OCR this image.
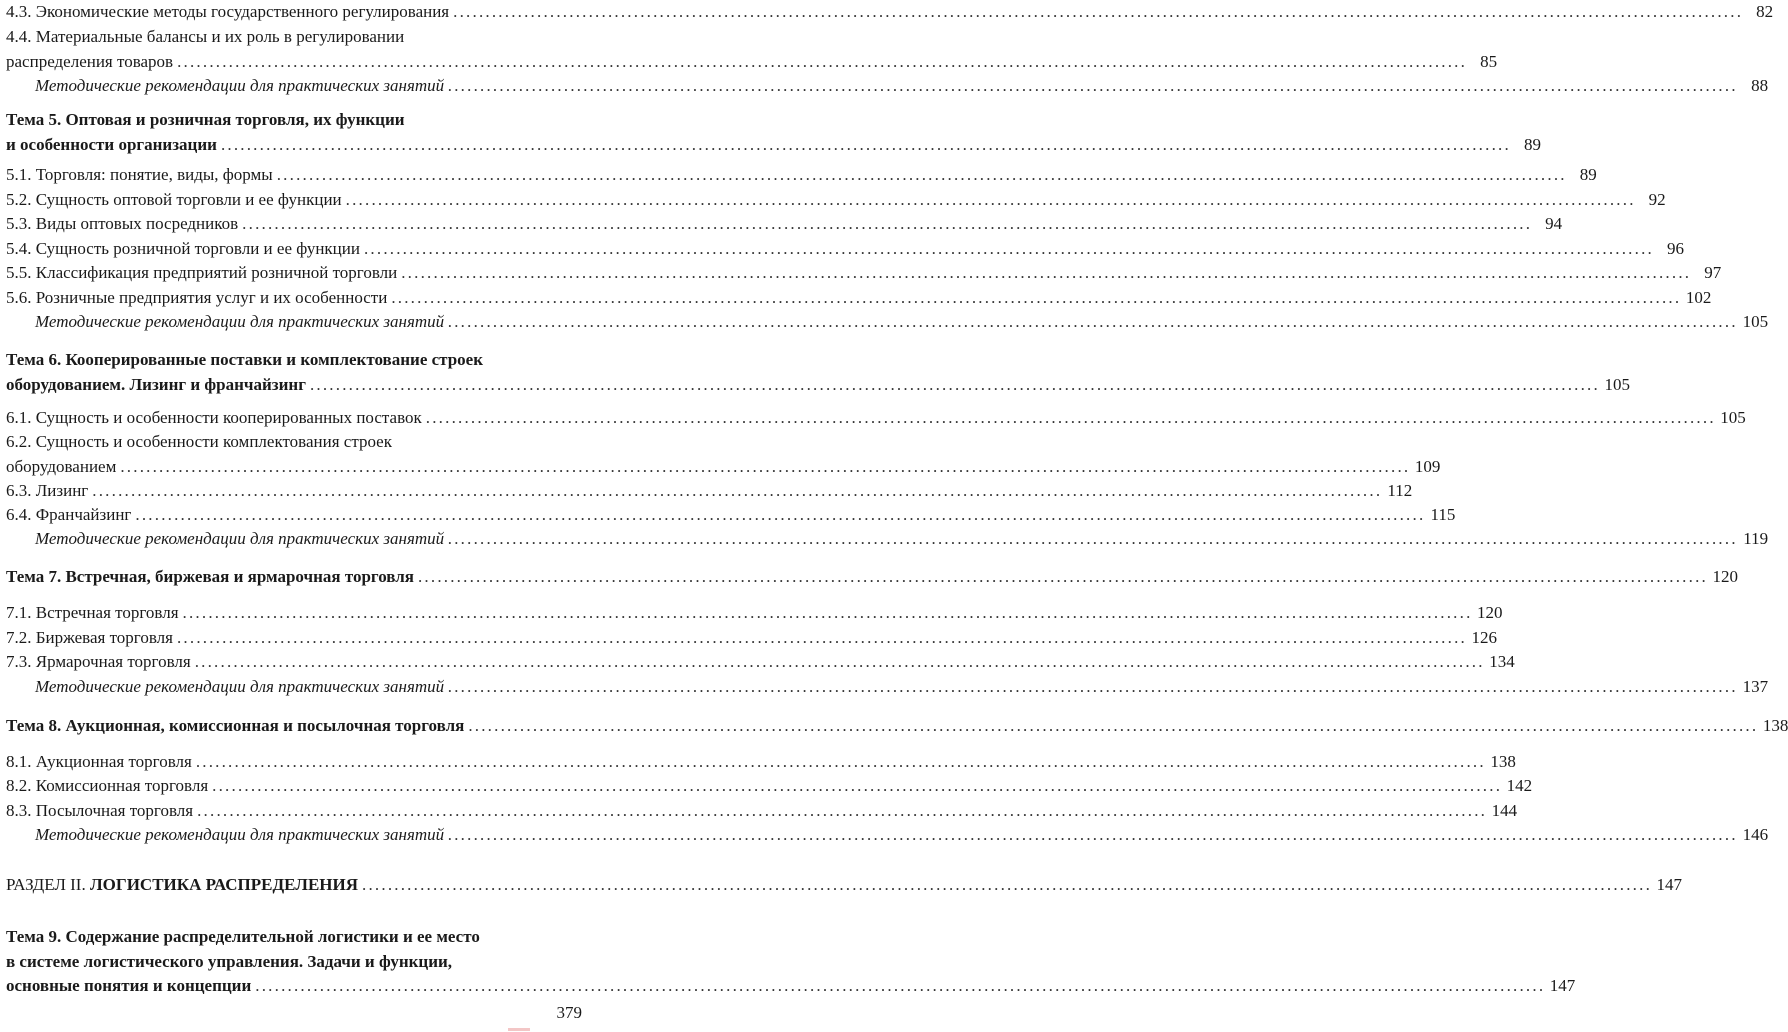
4.3. Экономические методы государственного регулирования ........................................................................................................................................................................................................ 82
4.4. Материальные балансы и их роль в регулировании
распределения товаров ........................................................................................................................................................................................................ 85
Методические рекомендации для практических занятий ........................................................................................................................................................................................................ 88
Тема 5. Оптовая и розничная торговля, их функции
и особенности организации ........................................................................................................................................................................................................ 89
5.1. Торговля: понятие, виды, формы ........................................................................................................................................................................................................ 89
5.2. Сущность оптовой торговли и ее функции ........................................................................................................................................................................................................ 92
5.3. Виды оптовых посредников ........................................................................................................................................................................................................ 94
5.4. Сущность розничной торговли и ее функции ........................................................................................................................................................................................................ 96
5.5. Классификация предприятий розничной торговли ........................................................................................................................................................................................................ 97
5.6. Розничные предприятия услуг и их особенности ........................................................................................................................................................................................................ 102
Методические рекомендации для практических занятий ........................................................................................................................................................................................................ 105
Тема 6. Кооперированные поставки и комплектование строек
оборудованием. Лизинг и франчайзинг ........................................................................................................................................................................................................ 105
6.1. Сущность и особенности кооперированных поставок ........................................................................................................................................................................................................ 105
6.2. Сущность и особенности комплектования строек
оборудованием ........................................................................................................................................................................................................ 109
6.3. Лизинг ........................................................................................................................................................................................................ 112
6.4. Франчайзинг ........................................................................................................................................................................................................ 115
Методические рекомендации для практических занятий ........................................................................................................................................................................................................ 119
Тема 7. Встречная, биржевая и ярмарочная торговля ........................................................................................................................................................................................................ 120
7.1. Встречная торговля ........................................................................................................................................................................................................ 120
7.2. Биржевая торговля ........................................................................................................................................................................................................ 126
7.3. Ярмарочная торговля ........................................................................................................................................................................................................ 134
Методические рекомендации для практических занятий ........................................................................................................................................................................................................ 137
Тема 8. Аукционная, комиссионная и посылочная торговля ........................................................................................................................................................................................................ 138
8.1. Аукционная торговля ........................................................................................................................................................................................................ 138
8.2. Комиссионная торговля ........................................................................................................................................................................................................ 142
8.3. Посылочная торговля ........................................................................................................................................................................................................ 144
Методические рекомендации для практических занятий ........................................................................................................................................................................................................ 146
РАЗДЕЛ II. ЛОГИСТИКА РАСПРЕДЕЛЕНИЯ ........................................................................................................................................................................................................ 147
Тема 9. Содержание распределительной логистики и ее место
в системе логистического управления. Задачи и функции,
основные понятия и концепции ........................................................................................................................................................................................................ 147
379
